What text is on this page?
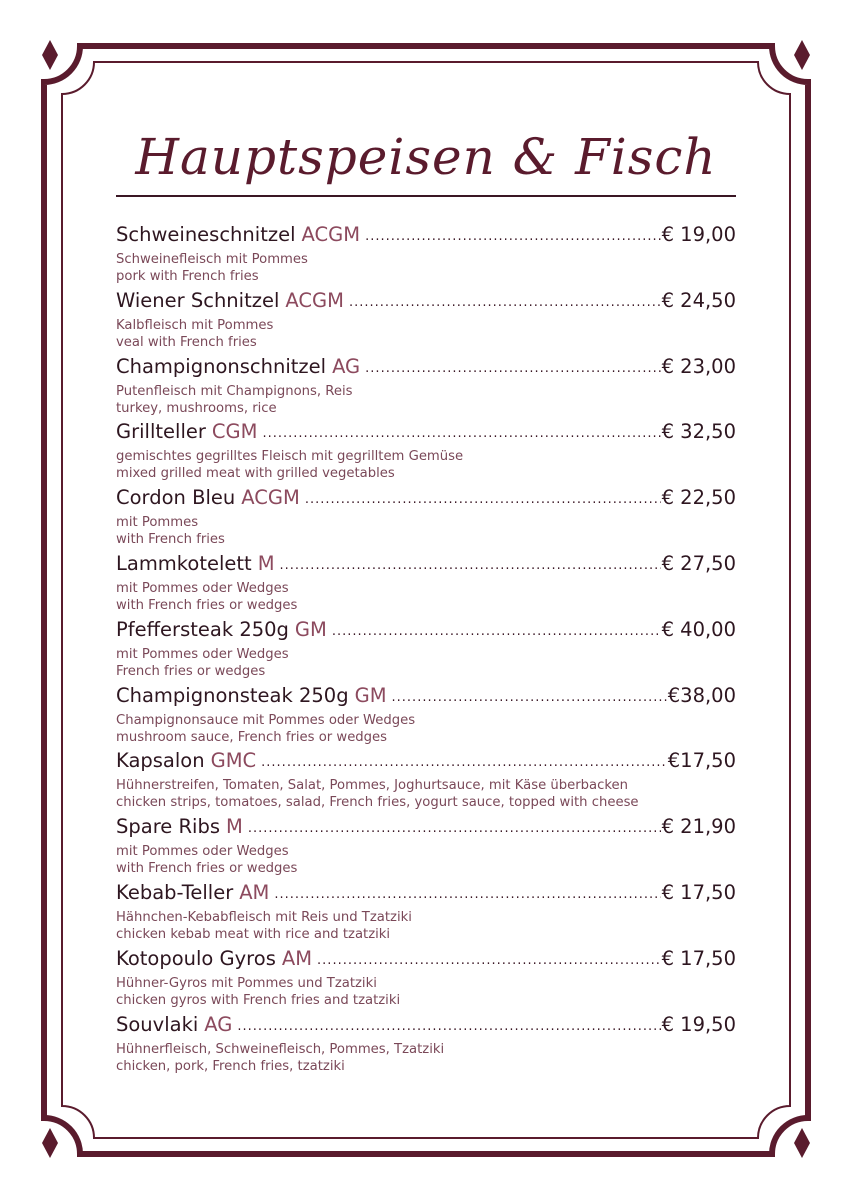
Hauptspeisen & Fisch
Schweineschnitzel ACGM .....	€ 19,00
Schweinefleisch mit Pommes
pork with French fries
Wiener Schnitzel ACGM .....	€ 24,50
Kalbfleisch mit Pommes
veal with French fries
Champignonschnitzel AG .....	€ 23,00
Putenfleisch mit Champignons, Reis
turkey, mushrooms, rice
Grillteller CGM .....	€ 32,50
gemischtes gegrilltes Fleisch mit gegrilltem Gemüse
mixed grilled meat with grilled vegetables
Cordon Bleu ACGM .....	€ 22,50
mit Pommes
with French fries
Lammkotelett M .....	€ 27,50
mit Pommes oder Wedges
with French fries or wedges
Pfeffersteak 250g GM .....	€ 40,00
mit Pommes oder Wedges
French fries or wedges
Champignonsteak 250g GM .....	€38,00
Champignonsauce mit Pommes oder Wedges
mushroom sauce, French fries or wedges
Kapsalon GMC .....	€17,50
Hühnerstreifen, Tomaten, Salat, Pommes, Joghurtsauce, mit Käse überbacken
chicken strips, tomatoes, salad, French fries, yogurt sauce, topped with cheese
Spare Ribs M .....	€ 21,90
mit Pommes oder Wedges
with French fries or wedges
Kebab-Teller AM .....	€ 17,50
Hähnchen-Kebabfleisch mit Reis und Tzatziki
chicken kebab meat with rice and tzatziki
Kotopoulo Gyros AM .....	€ 17,50
Hühner-Gyros mit Pommes und Tzatziki
chicken gyros with French fries and tzatziki
Souvlaki AG .....	€ 19,50
Hühnerfleisch, Schweinefleisch, Pommes, Tzatziki
chicken, pork, French fries, tzatziki
